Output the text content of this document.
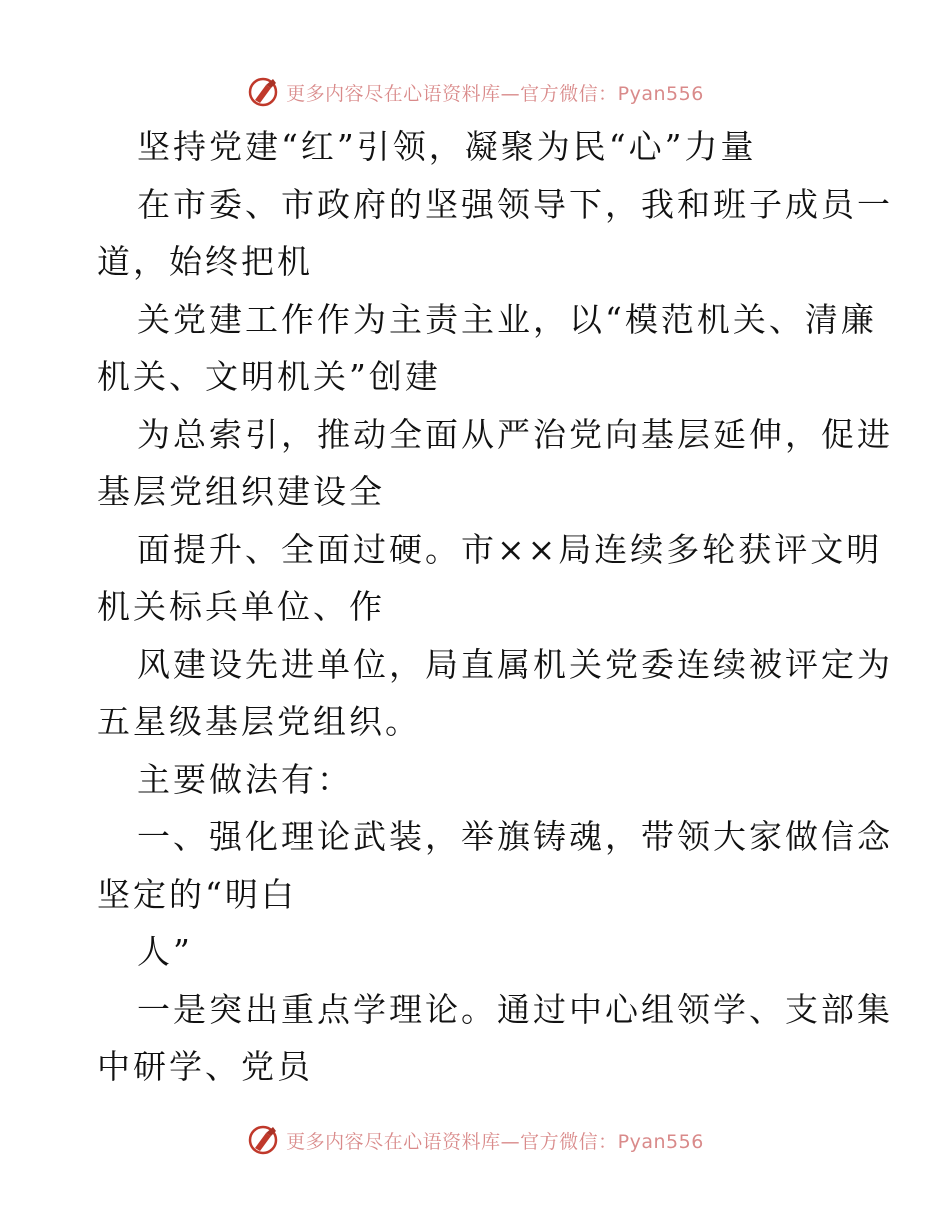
更多内容尽在心语资料库—官方微信：Pyan556
坚持党建“红”引领，凝聚为民“心”力量
在市委、市政府的坚强领导下，我和班子成员一
道，始终把机
关党建工作作为主责主业，以“模范机关、清廉
机关、文明机关”创建
为总索引，推动全面从严治党向基层延伸，促进
基层党组织建设全
面提升、全面过硬。市××局连续多轮获评文明
机关标兵单位、作
风建设先进单位，局直属机关党委连续被评定为
五星级基层党组织。
主要做法有：
一、强化理论武装，举旗铸魂，带领大家做信念
坚定的“明白
人”
一是突出重点学理论。通过中心组领学、支部集
中研学、党员
更多内容尽在心语资料库—官方微信：Pyan556
